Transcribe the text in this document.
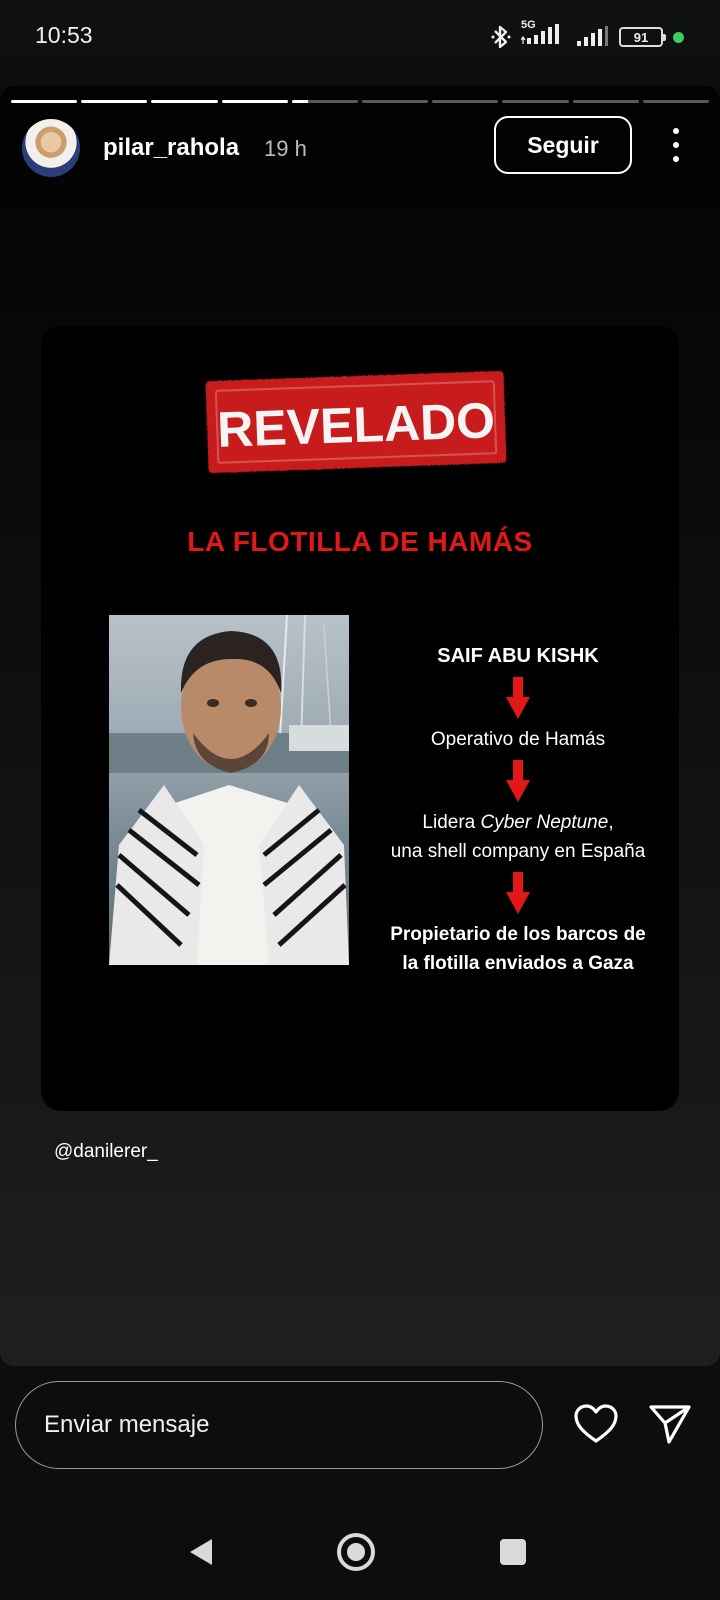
10:53	5G
91
pilar_rahola 19 h	Seguir
REVELADO
LA FLOTILLA DE HAMÁS
SAIF ABU KISHK
Operativo de Hamás
Lidera Cyber Neptune,
una shell company en España
Propietario de los barcos de
la flotilla enviados a Gaza
@danilerer_
Enviar mensaje
